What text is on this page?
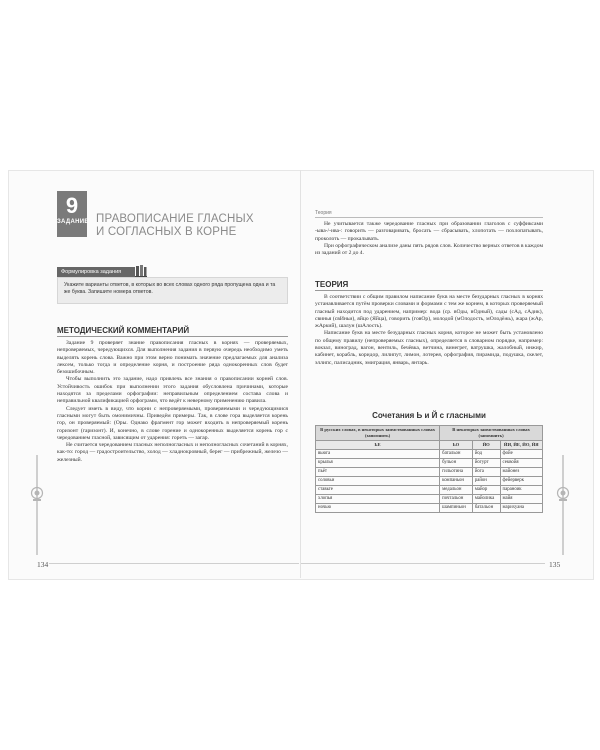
9
ЗАДАНИЕ ПРАВОПИСАНИЕ ГЛАСНЫХ
И СОГЛАСНЫХ В КОРНЕ
Формулировка задания
Укажите варианты ответов, в которых во всех словах одного ряда пропущена одна и та же буква. Запишите номера ответов.
МЕТОДИЧЕСКИЙ КОММЕНТАРИЙ

Задание 9 проверяет знание правописания гласных в корнях — проверяемых, непроверяемых, чередующихся. Для выполнения задания в первую очередь необходимо уметь выделять корень слова. Важно при этом верно понимать значение предлагаемых для анализа лексем, только тогда и определение корня, и построение ряда однокоренных слов будет безошибочным.

Чтобы выполнить это задание, надо привлечь все знания о правописании корней слов. Устойчивость ошибок при выполнении этого задания обусловлена причинами, которые находятся за пределами орфографии: неправильным определением состава слова и неправильной квалификацией орфограмм, что ведёт к неверному применению правила.

Следует иметь в виду, что корни с непроверяемыми, проверяемыми и чередующимися гласными могут быть омонимичны. Приведём примеры. Так, в слове гора выделяется корень гор, он проверяемый: (Оры. Однако фрагмент гор может входить в непроверяемый корень горизонт (гаризонт). И, конечно, в слове горение и однокоренных выделяется корень гор с чередованием гласной, зависящим от ударения: гореть — загар.

Не считается чередованием гласных неполногласных и неполногласных сочетаний в корнях, как-то: город — градостроительство, холод — хладнокровный, берег — прибрежный, железо — железный.

134
Теория

Не учитывается также чередование гласных при образовании глаголов с суффиксами -ыва-/-ива-: говорить — разговаривать, бросать — сбрасывать, хлопотать — похлопатывать, проколоть — прокалывать.

При орфографическом анализе даны пять рядов слов. Количество верных ответов в каждом из заданий от 2 до 4.

ТЕОРИЯ

В соответствии с общим правилом написание букв на месте безударных гласных в корнях устанавливается путём проверки словами и формами с тем же корнем, в которых проверяемый гласный находится под ударением, например: вода (ср. вОды, вОдный), сады (сАд, сАдик), свинья (свИньи), яйцо (Яйца), говорить (говОр), молодой (мОлодость, мОлодёжь), жара (жАр, жАркий), шалун (шАлость).

Написание букв на месте безударных гласных корня, которое не может быть установлено по общему правилу (непроверяемых гласных), определяется в словарном порядке, например: вокзал, виноград, вагон, вентиль, бечёвка, ветчина, винегрет, ватрушка, жалобный, инжир, кабинет, корабль, коридор, лилипут, лимон, лотерея, орфография, пирамида, подушка, скелет, эллипс, палисадник, эмиграция, январь, янтарь.

Сочетания Ь и Й с гласными
В русских словах, в некоторых заимствованных словах (запомнить)	В некоторых заимствованных словах (запомнить)		
ЬЕ	ЬО	ЙО	ЙИ, ЙЕ, ЙО, ЙЯ
вьюга	батальон	йод	фойе
крылья	бульон	йогурт	секвойя
пьёт	гильотина	йога	майонез
соловьи	компаньон	район	фейерверк
ставьте	медальон	майор	параноик
хлопья	почтальон	майолика	майя
ночью	шампиньон	батальон	марихуана
135
